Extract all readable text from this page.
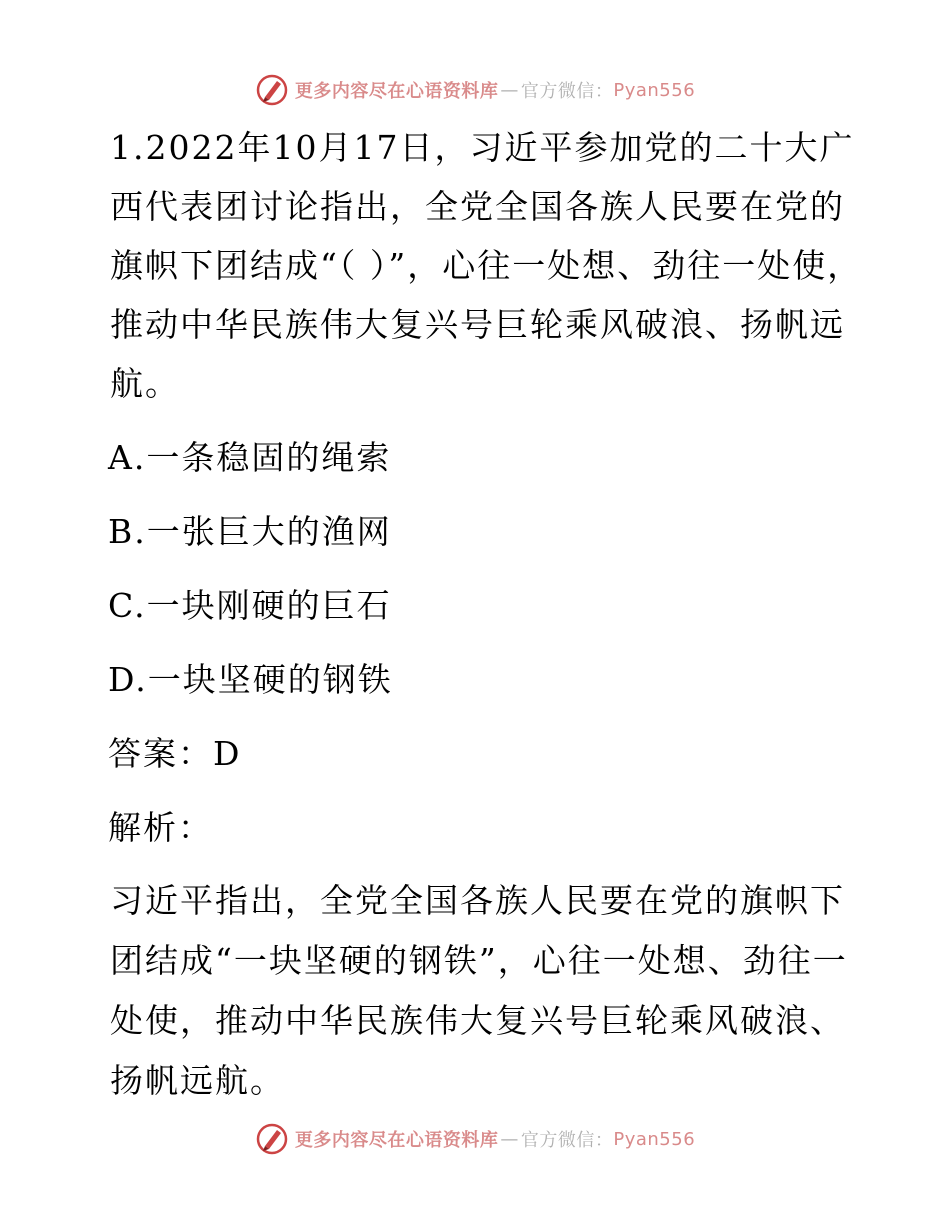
更多内容尽在心语资料库 — 官方微信： Pyan556

1.2022年10月17日，习近平参加党的二十大广西代表团讨论指出，全党全国各族人民要在党的旗帜下团结成“（ ）”，心往一处想、劲往一处使，推动中华民族伟大复兴号巨轮乘风破浪、扬帆远航。

A.一条稳固的绳索

B.一张巨大的渔网

C.一块刚硬的巨石

D.一块坚硬的钢铁

答案：D

解析：

习近平指出，全党全国各族人民要在党的旗帜下团结成“一块坚硬的钢铁”，心往一处想、劲往一处使，推动中华民族伟大复兴号巨轮乘风破浪、扬帆远航。

更多内容尽在心语资料库 — 官方微信： Pyan556
